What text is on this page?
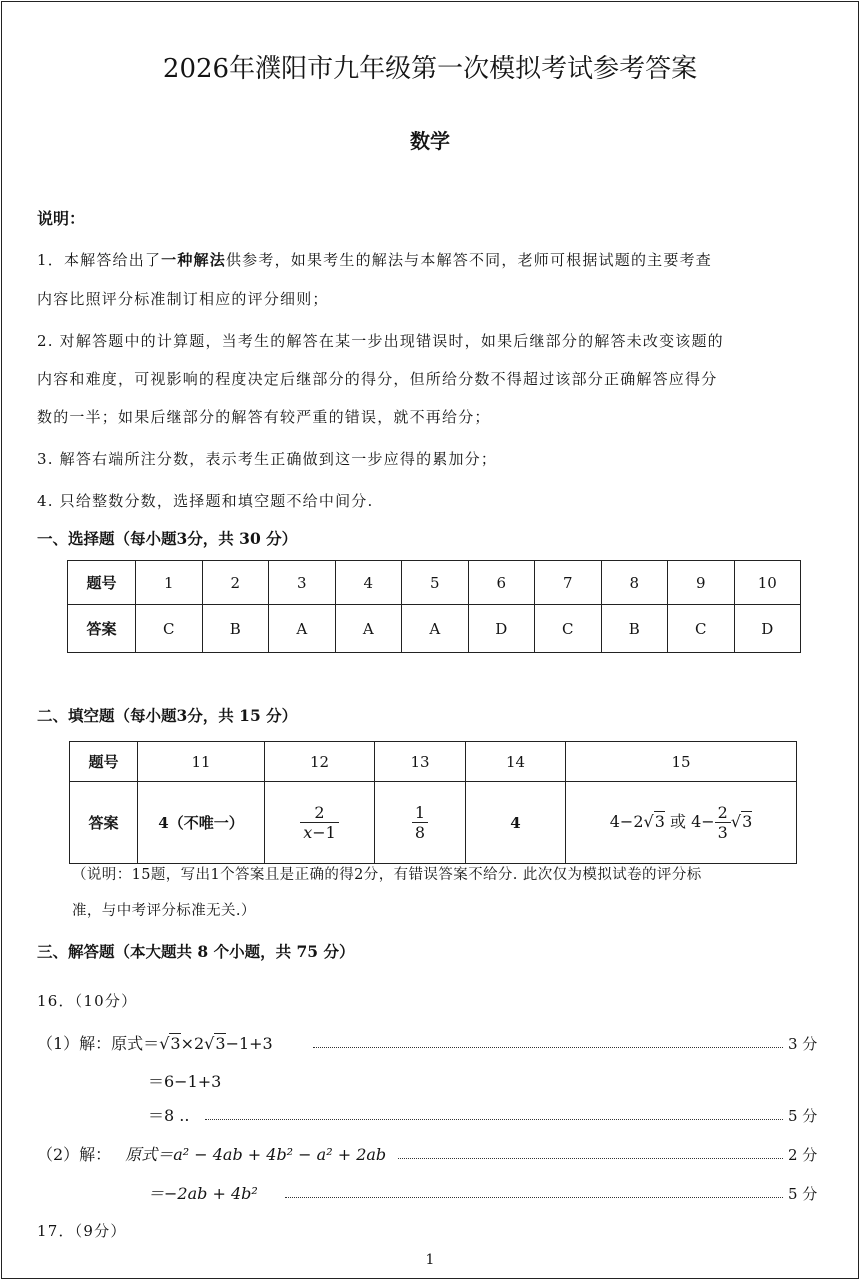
2026年濮阳市九年级第一次模拟考试参考答案
数学
说明：
1．本解答给出了一种解法供参考，如果考生的解法与本解答不同，老师可根据试题的主要考查
内容比照评分标准制订相应的评分细则；
2. 对解答题中的计算题，当考生的解答在某一步出现错误时，如果后继部分的解答未改变该题的
内容和难度，可视影响的程度决定后继部分的得分，但所给分数不得超过该部分正确解答应得分
数的一半；如果后继部分的解答有较严重的错误，就不再给分；
3. 解答右端所注分数，表示考生正确做到这一步应得的累加分；
4. 只给整数分数，选择题和填空题不给中间分.
一、选择题（每小题3分，共 30 分）
题号	1	2	3	4	5	6	7	8	9	10
答案	C	B	A	A	A	D	C	B	C	D
二、填空题（每小题3分，共 15 分）
题号	11	12	13	14	15
答案	4（不唯一）	$\frac{2}{x-1}$	$\frac{1}{8}$	4	4−2√3 或 $4- \frac{2}{3} √3$
（说明：15题，写出1个答案且是正确的得2分，有错误答案不给分. 此次仅为模拟试卷的评分标
准，与中考评分标准无关.）
三、解答题（本大题共 8 个小题，共 75 分）
16．（10分）
（1）解：原式＝√3×2√3−1+3	3 分
＝6−1+3
＝8 ..	5 分
（2）解： 原式＝a² − 4ab + 4b² − a² + 2ab	2 分
＝−2ab + 4b²	5 分
17．（9分）
1
